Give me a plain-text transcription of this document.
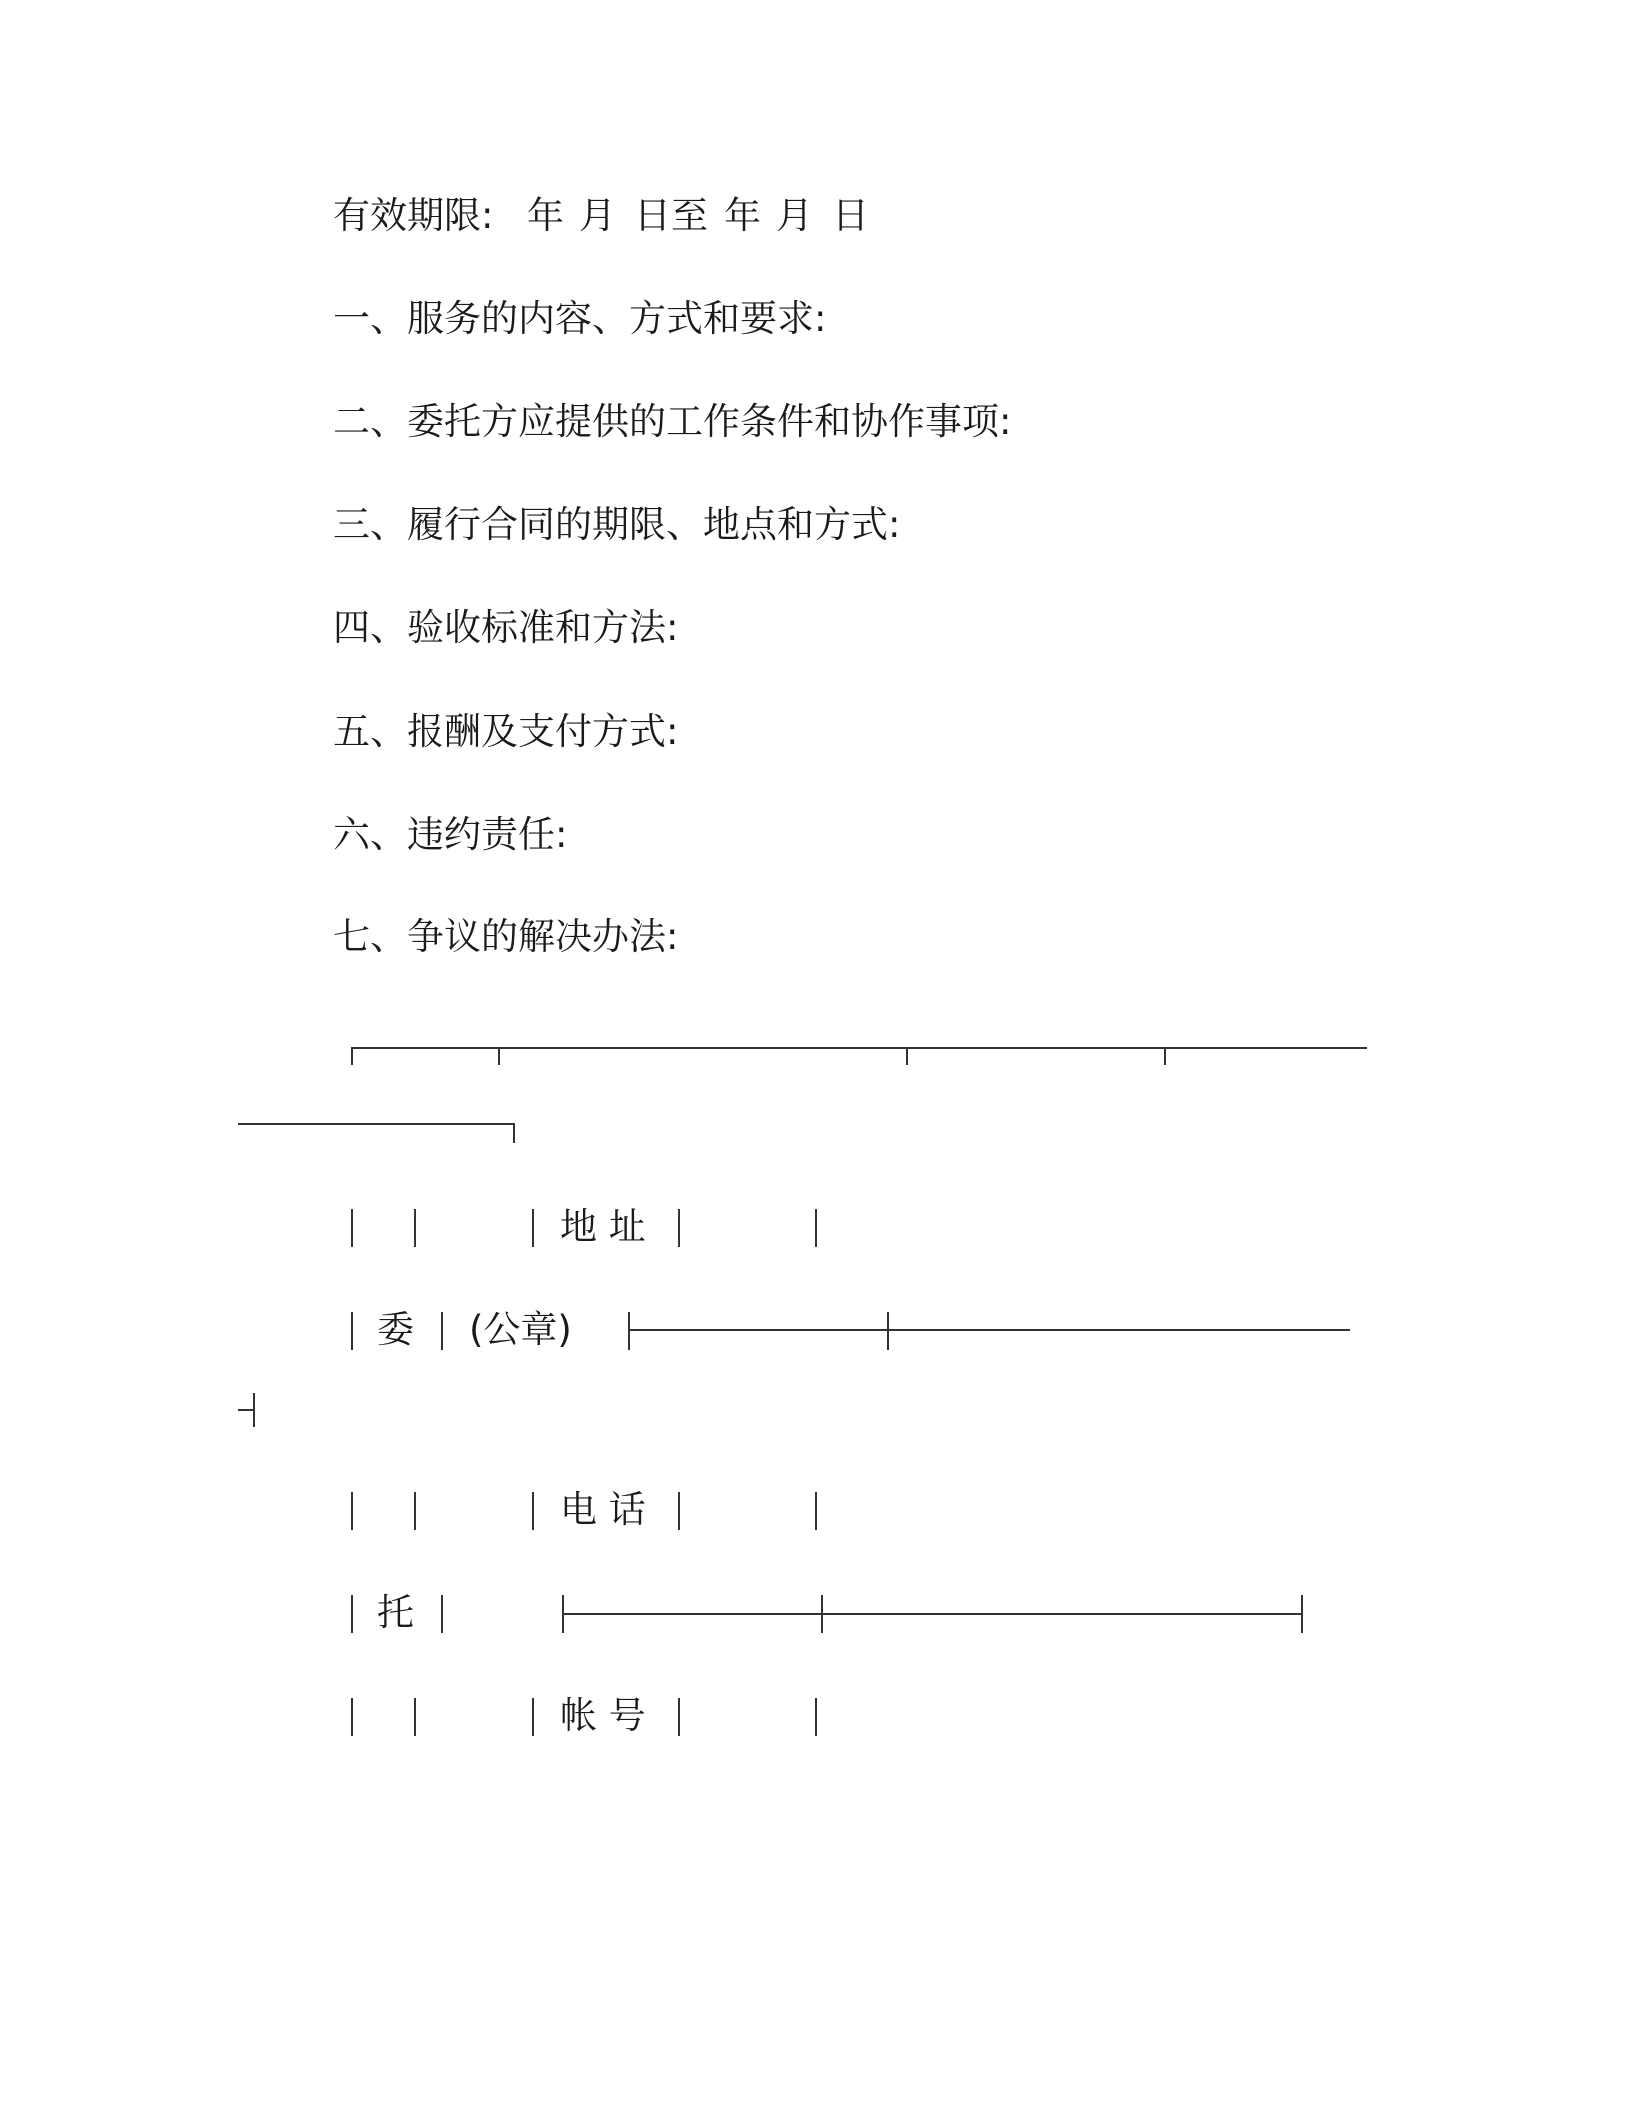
有效期限: 年 月 日至 年 月 日
一、服务的内容、方式和要求:
二、委托方应提供的工作条件和协作事项:
三、履行合同的期限、地点和方式:
四、验收标准和方法:
五、报酬及支付方式:
六、违约责任:
七、争议的解决办法:
地 址
委 (公章)
电 话
托
帐 号
